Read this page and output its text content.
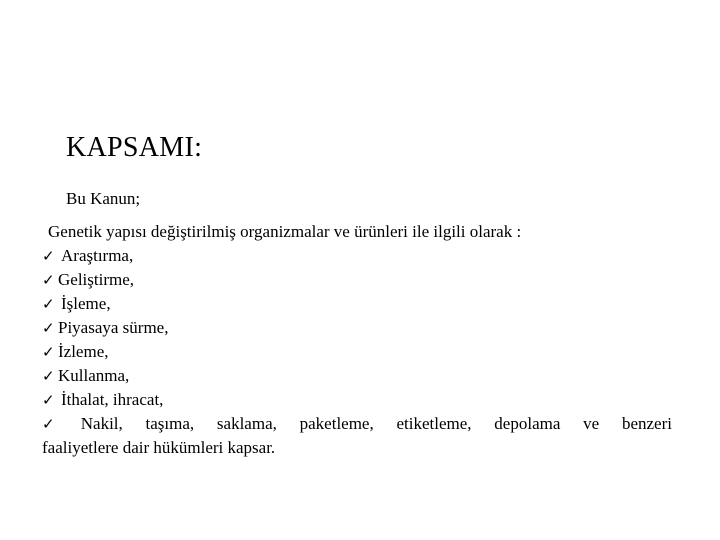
KAPSAMI:
Bu Kanun;
Genetik yapısı değiştirilmiş organizmalar ve ürünleri ile ilgili olarak :
✓ Araştırma,
✓ Geliştirme,
✓ İşleme,
✓ Piyasaya sürme,
✓ İzleme,
✓ Kullanma,
✓ İthalat, ihracat,
✓ Nakil, taşıma, saklama, paketleme, etiketleme, depolama ve benzeri
faaliyetlere dair hükümleri kapsar.
